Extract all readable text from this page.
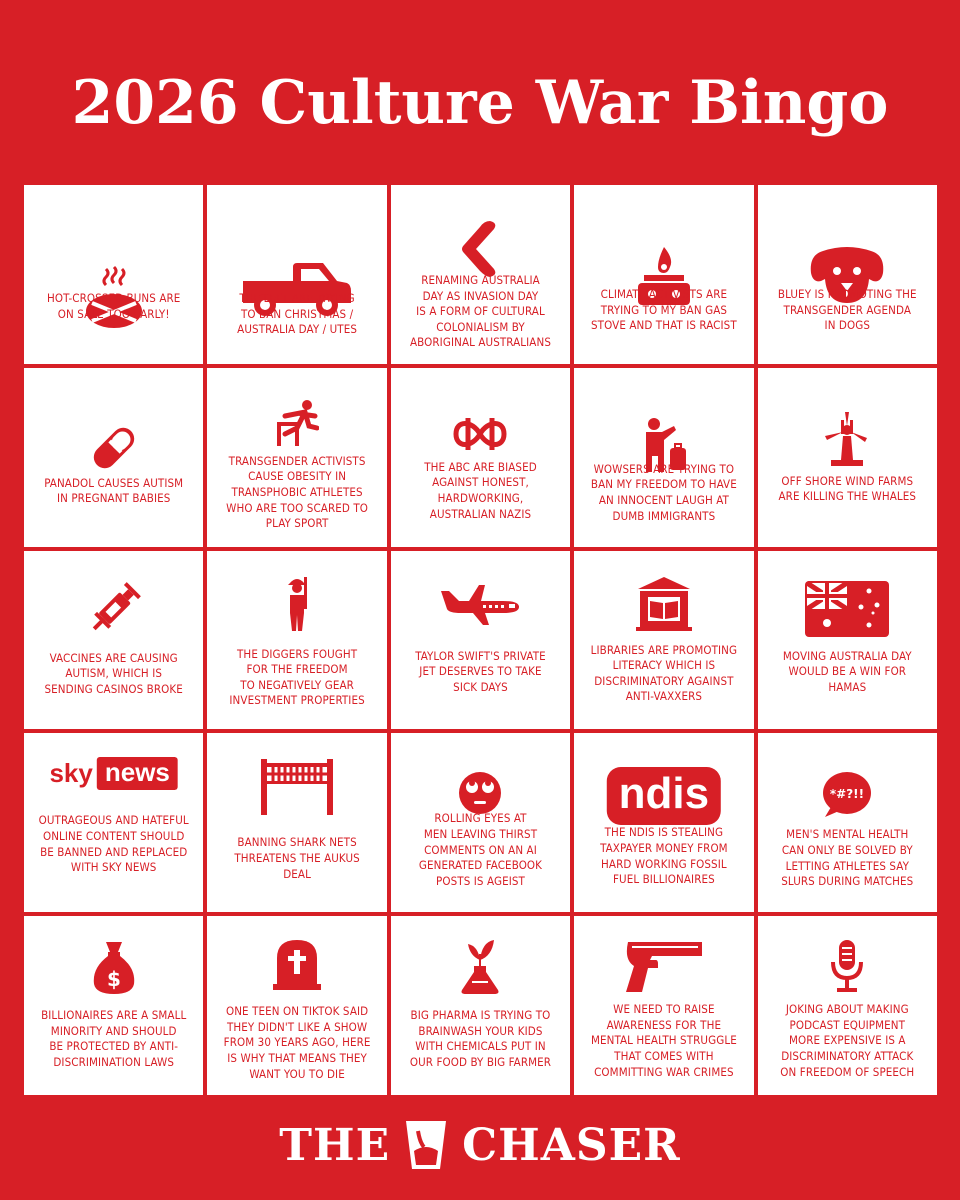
2026 Culture War Bingo
HOT-CROSSED BUNS ARE
ON SALE TOO EARLY!
THE LEFT ARE TRYING
TO BAN CHRISTMAS /
AUSTRALIA DAY / UTES
RENAMING AUSTRALIA
DAY AS INVASION DAY
IS A FORM OF CULTURAL
COLONIALISM BY
ABORIGINAL AUSTRALIANS
CLIMATE ACTIVISTS ARE
TRYING TO MY BAN GAS
STOVE AND THAT IS RACIST
BLUEY IS PROMOTING THE
TRANSGENDER AGENDA
IN DOGS
PANADOL CAUSES AUTISM
IN PREGNANT BABIES
TRANSGENDER ACTIVISTS
CAUSE OBESITY IN
TRANSPHOBIC ATHLETES
WHO ARE TOO SCARED TO
PLAY SPORT
THE ABC ARE BIASED
AGAINST HONEST,
HARDWORKING,
AUSTRALIAN NAZIS
WOWSERS ARE TRYING TO
BAN MY FREEDOM TO HAVE
AN INNOCENT LAUGH AT
DUMB IMMIGRANTS
OFF SHORE WIND FARMS
ARE KILLING THE WHALES
VACCINES ARE CAUSING
AUTISM, WHICH IS
SENDING CASINOS BROKE
THE DIGGERS FOUGHT
FOR THE FREEDOM
TO NEGATIVELY GEAR
INVESTMENT PROPERTIES
TAYLOR SWIFT'S PRIVATE
JET DESERVES TO TAKE
SICK DAYS
LIBRARIES ARE PROMOTING
LITERACY WHICH IS
DISCRIMINATORY AGAINST
ANTI-VAXXERS
MOVING AUSTRALIA DAY
WOULD BE A WIN FOR
HAMAS
sky news
OUTRAGEOUS AND HATEFUL
ONLINE CONTENT SHOULD
BE BANNED AND REPLACED
WITH SKY NEWS
BANNING SHARK NETS
THREATENS THE AUKUS
DEAL
ROLLING EYES AT
MEN LEAVING THIRST
COMMENTS ON AN AI
GENERATED FACEBOOK
POSTS IS AGEIST
ndis
THE NDIS IS STEALING
TAXPAYER MONEY FROM
HARD WORKING FOSSIL
FUEL BILLIONAIRES
*#?!!
MEN'S MENTAL HEALTH
CAN ONLY BE SOLVED BY
LETTING ATHLETES SAY
SLURS DURING MATCHES
$
BILLIONAIRES ARE A SMALL
MINORITY AND SHOULD
BE PROTECTED BY ANTI-
DISCRIMINATION LAWS
ONE TEEN ON TIKTOK SAID
THEY DIDN'T LIKE A SHOW
FROM 30 YEARS AGO, HERE
IS WHY THAT MEANS THEY
WANT YOU TO DIE
BIG PHARMA IS TRYING TO
BRAINWASH YOUR KIDS
WITH CHEMICALS PUT IN
OUR FOOD BY BIG FARMER
WE NEED TO RAISE
AWARENESS FOR THE
MENTAL HEALTH STRUGGLE
THAT COMES WITH
COMMITTING WAR CRIMES
JOKING ABOUT MAKING
PODCAST EQUIPMENT
MORE EXPENSIVE IS A
DISCRIMINATORY ATTACK
ON FREEDOM OF SPEECH
THE CHASER
